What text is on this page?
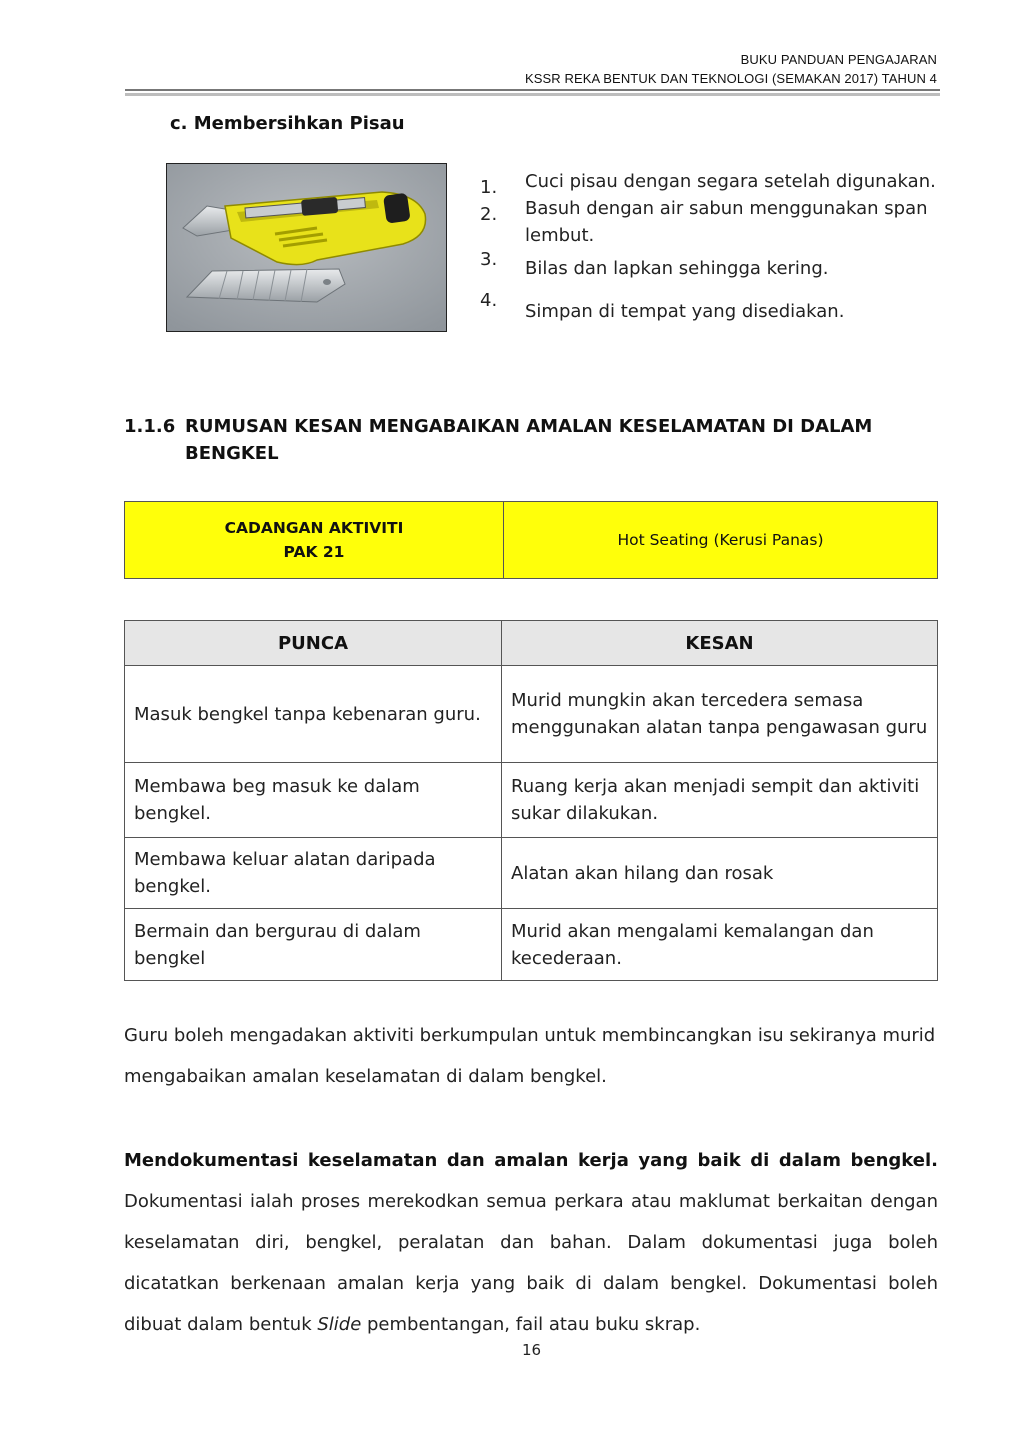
BUKU PANDUAN PENGAJARAN
KSSR REKA BENTUK DAN TEKNOLOGI (SEMAKAN 2017) TAHUN 4
c. Membersihkan Pisau
1. Cuci pisau dengan segara setelah digunakan.
2. Basuh dengan air sabun menggunakan span lembut.
3. Bilas dan lapkan sehingga kering.
4.
Simpan di tempat yang disediakan.
1.1.6 RUMUSAN KESAN MENGABAIKAN AMALAN KESELAMATAN DI DALAM BENGKEL
CADANGAN AKTIVITI
PAK 21
	Hot Seating (Kerusi Panas)
PUNCA	KESAN
Masuk bengkel tanpa kebenaran guru.	Murid mungkin akan tercedera semasa menggunakan alatan tanpa pengawasan guru
Membawa beg masuk ke dalam bengkel.	Ruang kerja akan menjadi sempit dan aktiviti sukar dilakukan.
Membawa keluar alatan daripada bengkel.	Alatan akan hilang dan rosak
Bermain dan bergurau di dalam bengkel	Murid akan mengalami kemalangan dan kecederaan.
Guru boleh mengadakan aktiviti berkumpulan untuk membincangkan isu sekiranya murid mengabaikan amalan keselamatan di dalam bengkel.
Mendokumentasi keselamatan dan amalan kerja yang baik di dalam bengkel. Dokumentasi ialah proses merekodkan semua perkara atau maklumat berkaitan dengan keselamatan diri, bengkel, peralatan dan bahan. Dalam dokumentasi juga boleh dicatatkan berkenaan amalan kerja yang baik di dalam bengkel. Dokumentasi boleh dibuat dalam bentuk Slide pembentangan, fail atau buku skrap.
16
